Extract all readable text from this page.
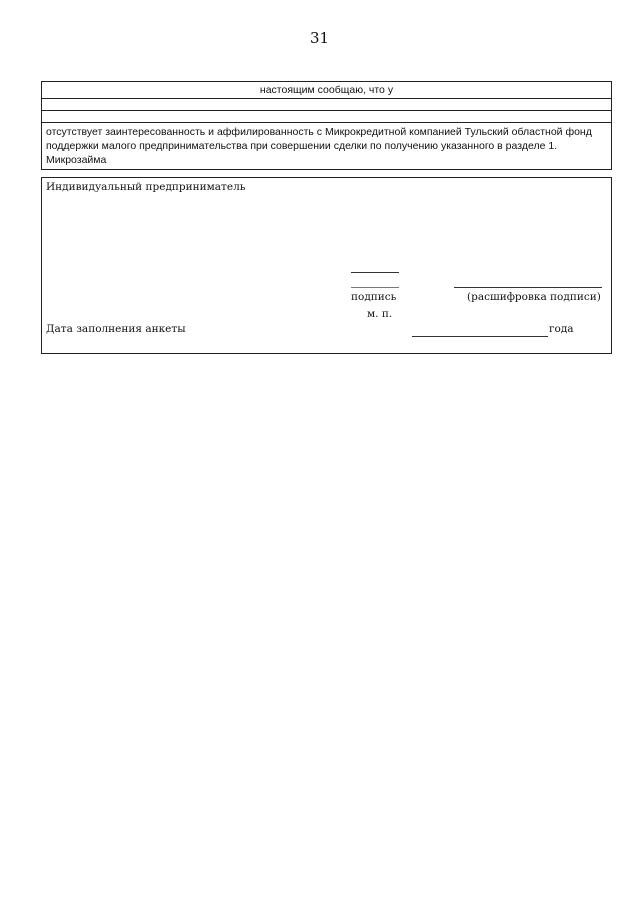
31
настоящим сообщаю, что у
отсутствует заинтересованность и аффилированность с Микрокредитной компанией Тульский областной фонд поддержки малого предпринимательства при совершении сделки по получению указанного в разделе 1. Микрозайма
Индивидуальный предприниматель
подпись	(расшифровка подписи)
м. п.
Дата заполнения анкеты	года
